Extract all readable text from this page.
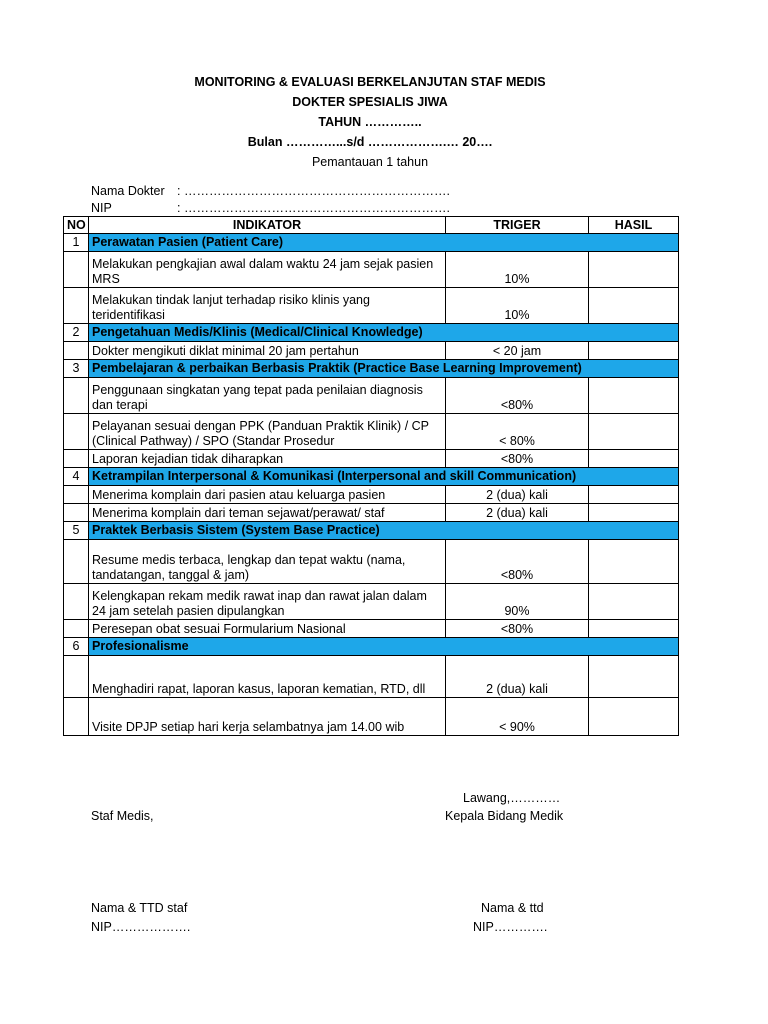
MONITORING & EVALUASI BERKELANJUTAN STAF MEDIS
DOKTER SPESIALIS JIWA
TAHUN …………..
Bulan …………...s/d ……………….… 20….
Pemantauan 1 tahun
Nama Dokter : ……………………………………………………….
NIP	: ……………………………………………………….
NO	INDIKATOR	TRIGER	HASIL
1	Perawatan Pasien (Patient Care)		
	Melakukan pengkajian awal dalam waktu 24 jam sejak pasien MRS	10%	
	Melakukan tindak lanjut terhadap risiko klinis yang teridentifikasi	10%	
2	Pengetahuan Medis/Klinis (Medical/Clinical Knowledge)		
	Dokter mengikuti diklat minimal 20 jam pertahun	< 20 jam	
3	Pembelajaran & perbaikan Berbasis Praktik (Practice Base Learning Improvement)		
	Penggunaan singkatan yang tepat pada penilaian diagnosis dan terapi	<80%	
	Pelayanan sesuai dengan PPK (Panduan Praktik Klinik) / CP (Clinical Pathway) / SPO (Standar Prosedur	< 80%	
	Laporan kejadian tidak diharapkan	<80%	
4	Ketrampilan Interpersonal & Komunikasi (Interpersonal and skill Communication)		
	Menerima komplain dari pasien atau keluarga pasien	2 (dua) kali	
	Menerima komplain dari teman sejawat/perawat/ staf	2 (dua) kali	
5	Praktek Berbasis Sistem (System Base Practice)		
	Resume medis terbaca, lengkap dan tepat waktu (nama, tandatangan, tanggal & jam)	<80%	
	Kelengkapan rekam medik rawat inap dan rawat jalan dalam 24 jam setelah pasien dipulangkan	90%	
	Peresepan obat sesuai Formularium Nasional	<80%	
6	Profesionalisme		
	Menghadiri rapat, laporan kasus, laporan kematian, RTD, dll	2 (dua) kali	
	Visite DPJP setiap hari kerja selambatnya jam 14.00 wib	< 90%	
Lawang,…………
Staf Medis,	Kepala Bidang Medik
Nama & TTD staf
NIP……………….
Nama & ttd
NIP………….
